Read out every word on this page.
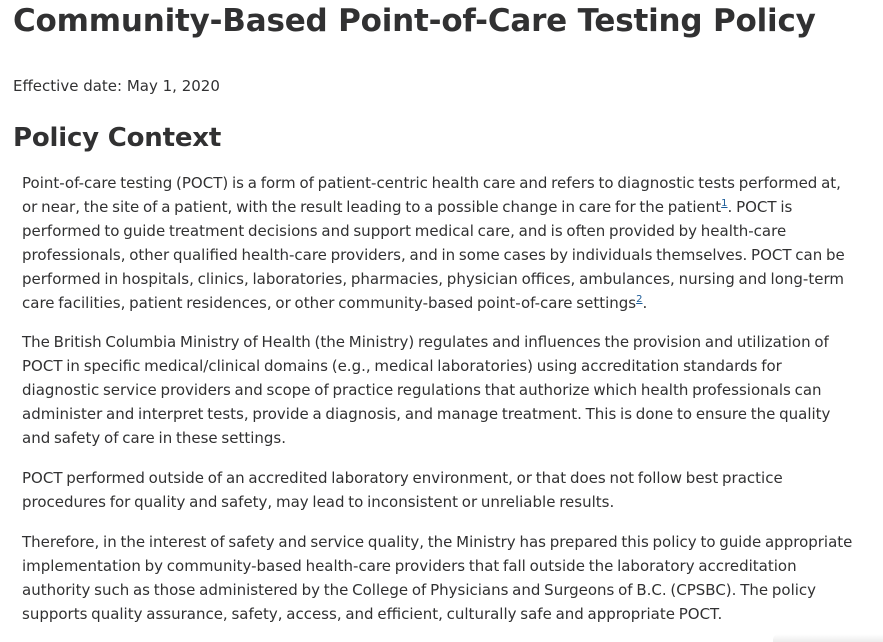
Community-Based Point-of-Care Testing Policy

Effective date: May 1, 2020

Policy Context

Point-of-care testing (POCT) is a form of patient-centric health care and refers to diagnostic tests performed at,
or near, the site of a patient, with the result leading to a possible change in care for the patient$^1$. POCT is
performed to guide treatment decisions and support medical care, and is often provided by health-care
professionals, other qualified health-care providers, and in some cases by individuals themselves. POCT can be
performed in hospitals, clinics, laboratories, pharmacies, physician offices, ambulances, nursing and long-term
care facilities, patient residences, or other community-based point-of-care settings$^2$.

The British Columbia Ministry of Health (the Ministry) regulates and influences the provision and utilization of
POCT in specific medical/clinical domains (e.g., medical laboratories) using accreditation standards for
diagnostic service providers and scope of practice regulations that authorize which health professionals can
administer and interpret tests, provide a diagnosis, and manage treatment. This is done to ensure the quality
and safety of care in these settings.

POCT performed outside of an accredited laboratory environment, or that does not follow best practice
procedures for quality and safety, may lead to inconsistent or unreliable results.

Therefore, in the interest of safety and service quality, the Ministry has prepared this policy to guide appropriate
implementation by community-based health-care providers that fall outside the laboratory accreditation
authority such as those administered by the College of Physicians and Surgeons of B.C. (CPSBC). The policy
supports quality assurance, safety, access, and efficient, culturally safe and appropriate POCT.
